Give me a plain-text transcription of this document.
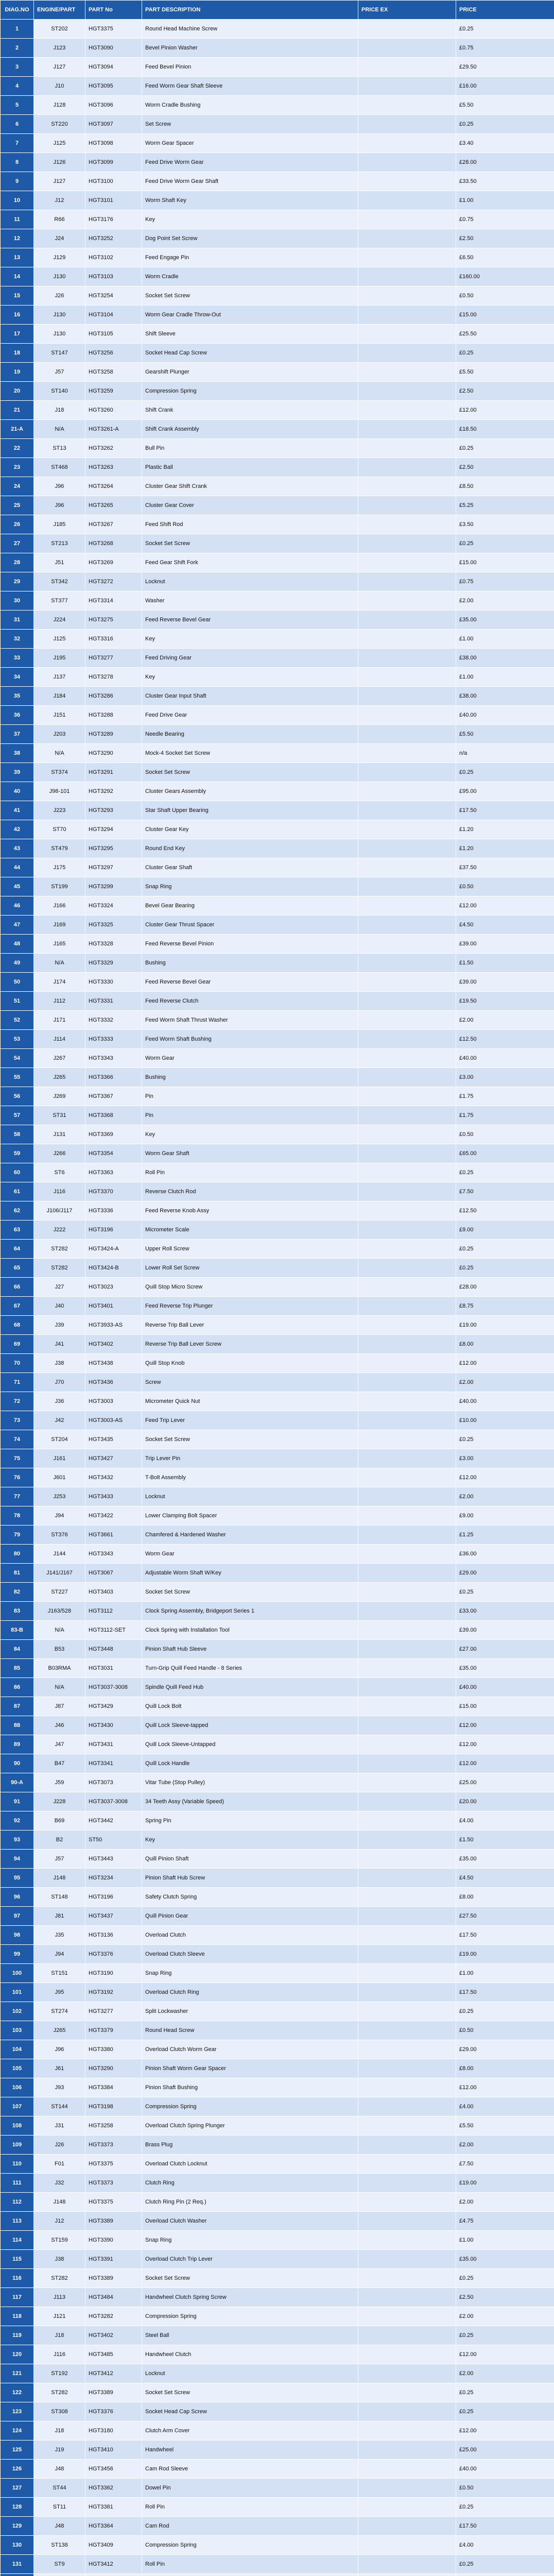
DIAG.NO	ENGINE/PART	PART No	PART DESCRIPTION	PRICE EX	PRICE
1	ST202	HGT3375	Round Head Machine Screw		£0.25
2	J123	HGT3090	Bevel Pinion Washer		£0.75
3	J127	HGT3094	Feed Bevel Pinion		£29.50
4	J10	HGT3095	Feed Worm Gear Shaft Sleeve		£16.00
5	J128	HGT3096	Worm Cradle Bushing		£5.50
6	ST220	HGT3097	Set Screw		£0.25
7	J125	HGT3098	Worm Gear Spacer		£3.40
8	J126	HGT3099	Feed Drive Worm Gear		£28.00
9	J127	HGT3100	Feed Drive Worm Gear Shaft		£33.50
10	J12	HGT3101	Worm Shaft Key		£1.00
11	R66	HGT3176	Key		£0.75
12	J24	HGT3252	Dog Point Set Screw		£2.50
13	J129	HGT3102	Feed Engage Pin		£6.50
14	J130	HGT3103	Worm Cradle		£160.00
15	J26	HGT3254	Socket Set Screw		£0.50
16	J130	HGT3104	Worm Gear Cradle Throw-Out		£15.00
17	J130	HGT3105	Shift Sleeve		£25.50
18	ST147	HGT3256	Socket Head Cap Screw		£0.25
19	J57	HGT3258	Gearshift Plunger		£5.50
20	ST140	HGT3259	Compression Spring		£2.50
21	J18	HGT3260	Shift Crank		£12.00
21-A	N/A	HGT3261-A	Shift Crank Assembly		£18.50
22	ST13	HGT3262	Bull Pin		£0.25
23	ST468	HGT3263	Plastic Ball		£2.50
24	J96	HGT3264	Cluster Gear Shift Crank		£8.50
25	J96	HGT3265	Cluster Gear Cover		£5.25
26	J185	HGT3267	Feed Shift Rod		£3.50
27	ST213	HGT3268	Socket Set Screw		£0.25
28	J51	HGT3269	Feed Gear Shift Fork		£15.00
29	ST342	HGT3272	Locknut		£0.75
30	ST377	HGT3314	Washer		£2.00
31	J224	HGT3275	Feed Reverse Bevel Gear		£35.00
32	J125	HGT3316	Key		£1.00
33	J195	HGT3277	Feed Driving Gear		£38.00
34	J137	HGT3278	Key		£1.00
35	J184	HGT3286	Cluster Gear Input Shaft		£38.00
36	J151	HGT3288	Feed Drive Gear		£40.00
37	J203	HGT3289	Needle Bearing		£5.50
38	N/A	HGT3290	Mock-4 Socket Set Screw		n/a
39	ST374	HGT3291	Socket Set Screw		£0.25
40	J98-101	HGT3292	Cluster Gears Assembly		£95.00
41	J223	HGT3293	Star Shaft Upper Bearing		£17.50
42	ST70	HGT3294	Cluster Gear Key		£1.20
43	ST479	HGT3295	Round End Key		£1.20
44	J175	HGT3297	Cluster Gear Shaft		£37.50
45	ST199	HGT3299	Snap Ring		£0.50
46	J166	HGT3324	Bevel Gear Bearing		£12.00
47	J169	HGT3325	Cluster Gear Thrust Spacer		£4.50
48	J165	HGT3328	Feed Reverse Bevel Pinion		£39.00
49	N/A	HGT3329	Bushing		£1.50
50	J174	HGT3330	Feed Reverse Bevel Gear		£39.00
51	J112	HGT3331	Feed Reverse Clutch		£19.50
52	J171	HGT3332	Feed Worm Shaft Thrust Washer		£2.00
53	J114	HGT3333	Feed Worm Shaft Bushing		£12.50
54	J267	HGT3343	Worm Gear		£40.00
55	J265	HGT3366	Bushing		£3.00
56	J269	HGT3367	Pin		£1.75
57	ST31	HGT3368	Pin		£1.75
58	J131	HGT3369	Key		£0.50
59	J266	HGT3354	Worm Gear Shaft		£65.00
60	ST6	HGT3363	Roll Pin		£0.25
61	J116	HGT3370	Reverse Clutch Rod		£7.50
62	J106/J117	HGT3336	Feed Reverse Knob Assy		£12.50
63	J222	HGT3196	Micrometer Scale		£9.00
64	ST282	HGT3424-A	Upper Roll Screw		£0.25
65	ST282	HGT3424-B	Lower Roll Set Screw		£0.25
66	J27	HGT3023	Quill Stop Micro Screw		£28.00
67	J40	HGT3401	Feed Reverse Trip Plunger		£8.75
68	J39	HGT3933-AS	Reverse Trip Ball Lever		£19.00
69	J41	HGT3402	Reverse Trip Ball Lever Screw		£8.00
70	J38	HGT3438	Quill Stop Knob		£12.00
71	J70	HGT3436	Screw		£2.00
72	J36	HGT3003	Micrometer Quick Nut		£40.00
73	J42	HGT3003-AS	Feed Trip Lever		£10.00
74	ST204	HGT3435	Socket Set Screw		£0.25
75	J161	HGT3427	Trip Lever Pin		£3.00
76	J601	HGT3432	T-Bolt Assembly		£12.00
77	J253	HGT3433	Locknut		£2.00
78	J94	HGT3422	Lower Clamping Bolt Spacer		£9.00
79	ST376	HGT3661	Chamfered & Hardened Washer		£1.25
80	J144	HGT3343	Worm Gear		£36.00
81	J141/J167	HGT3067	Adjustable Worm Shaft W/Key		£29.00
82	ST227	HGT3403	Socket Set Screw		£0.25
83	J163/528	HGT3112	Clock Spring Assembly, Bridgeport Series 1		£33.00
83-B	N/A	HGT3112-SET	Clock Spring with Installation Tool		£39.00
84	B53	HGT3448	Pinion Shaft Hub Sleeve		£27.00
85	B03RMA	HGT3031	Turn-Grip Quill Feed Handle - 8 Series		£35.00
86	N/A	HGT3037-3008	Spindle Quill Feed Hub		£40.00
87	J87	HGT3429	Quill Lock Bolt		£15.00
88	J46	HGT3430	Quill Lock Sleeve-tapped		£12.00
89	J47	HGT3431	Quill Lock Sleeve-Untapped		£12.00
90	B47	HGT3341	Quill Lock Handle		£12.00
90-A	J59	HGT3073	Vitar Tube (Stop Pulley)		£25.00
91	J228	HGT3037-3008	34 Teeth Assy (Variable Speed)		£20.00
92	B69	HGT3442	Spring Pin		£4.00
93	B2	ST50	Key		£1.50
94	J57	HGT3443	Quill Pinion Shaft		£35.00
95	J148	HGT3234	Pinion Shaft Hub Screw		£4.50
96	ST148	HGT3196	Safety Clutch Spring		£8.00
97	J81	HGT3437	Quill Pinion Gear		£27.50
98	J35	HGT3136	Overload Clutch		£17.50
99	J94	HGT3376	Overload Clutch Sleeve		£19.00
100	ST151	HGT3190	Snap Ring		£1.00
101	J95	HGT3192	Overload Clutch Ring		£17.50
102	ST274	HGT3277	Split Lockwasher		£0.25
103	J265	HGT3379	Round Head Screw		£0.50
104	J96	HGT3380	Overload Clutch Worm Gear		£29.00
105	J61	HGT3290	Pinion Shaft Worm Gear Spacer		£8.00
106	J93	HGT3384	Pinion Shaft Bushing		£12.00
107	ST144	HGT3198	Compression Spring		£4.00
108	J31	HGT3258	Overload Clutch Spring Plunger		£5.50
109	J26	HGT3373	Brass Plug		£2.00
110	F01	HGT3375	Overload Clutch Locknut		£7.50
111	J32	HGT3373	Clutch Ring		£19.00
112	J148	HGT3375	Clutch Ring Pin (2 Req.)		£2.00
113	J12	HGT3389	Overload Clutch Washer		£4.75
114	ST159	HGT3390	Snap Ring		£1.00
115	J38	HGT3391	Overload Clutch Trip Lever		£35.00
116	ST282	HGT3389	Socket Set Screw		£0.25
117	J113	HGT3484	Handwheel Clutch Spring Screw		£2.50
118	J121	HGT3282	Compression Spring		£2.00
119	J18	HGT3402	Steel Ball		£0.25
120	J116	HGT3485	Handwheel Clutch		£12.00
121	ST192	HGT3412	Locknut		£2.00
122	ST282	HGT3389	Socket Set Screw		£0.25
123	ST308	HGT3376	Socket Head Cap Screw		£0.25
124	J18	HGT3180	Clutch Arm Cover		£12.00
125	J19	HGT3410	Handwheel		£25.00
126	J48	HGT3456	Cam Rod Sleeve		£40.00
127	ST44	HGT3362	Dowel Pin		£0.50
128	ST11	HGT3381	Roll Pin		£0.25
129	J48	HGT3364	Cam Rod		£17.50
130	ST138	HGT3409	Compression Spring		£4.00
131	ST9	HGT3412	Roll Pin		£0.25
